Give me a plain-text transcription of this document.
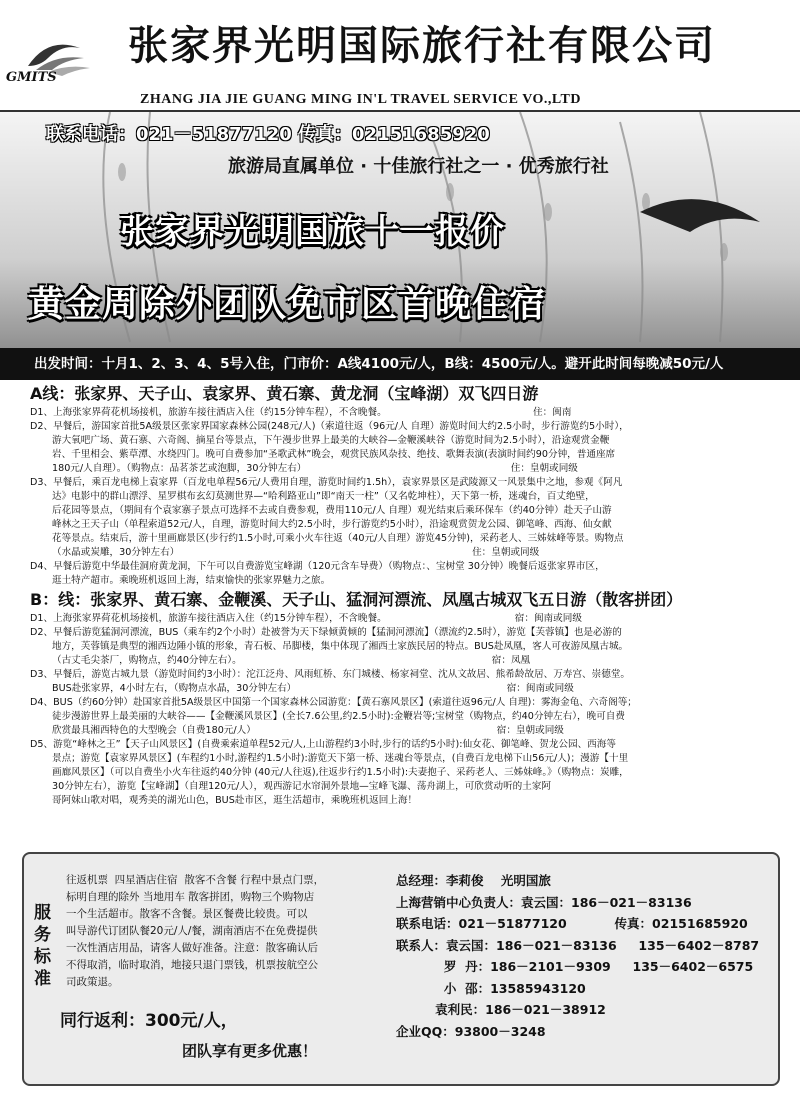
GMITS
张家界光明国际旅行社有限公司
ZHANG JIA JIE GUANG MING IN'L TRAVEL SERVICE VO.,LTD
联系电话：021－51877120 传真：02151685920
旅游局直属单位 · 十佳旅行社之一 · 优秀旅行社
张家界光明国旅十一报价
黄金周除外团队免市区首晚住宿
出发时间：十月1、2、3、4、5号入住，门市价：A线4100元/人，B线：4500元/人。避开此时间每晚减50元/人
A线：张家界、天子山、袁家界、黄石寨、黄龙洞（宝峰湖）双飞四日游
D1、上海张家界荷花机场接机，旅游车接往酒店入住（约15分钟车程），不含晚餐。                                                住：闽南
D2、早餐后，游国家首批5A级景区张家界国家森林公园(248元/人)（索道往返（96元/人 自理）游览时间大约2.5小时，步行游览约5小时），
游大氧吧广场、黄石寨、六奇阁、摘星台等景点，下午漫步世界上最美的大峡谷—金鞭溪峡谷（游览时间为2.5小时），沿途观赏金鞭
岩、千里相会、紫草潭、水绕四门。晚可自费参加“圣歌武林”晚会，观赏民族风杂技、绝技、歌舞表演(表演时间约90分钟，普通座席
180元/人自理）。（购物点：品茗茶艺或泡脚，30分钟左右）                                                                   住：皇朝或同级
D3、早餐后，乘百龙电梯上袁家界（百龙电单程56元/人费用自理，游览时间约1.5h），袁家界景区是武陵源又一风景集中之地，参观《阿凡
达》电影中的群山漂浮、星罗棋布玄幻莫测世界—“哈利路亚山”即“南天一柱”（又名乾坤柱），天下第一桥，迷魂台，百丈绝壁，
后花园等景点，（期间有个袁家寨子景点可选择不去或自费参观，费用110元/人 自理）观光结束后乘环保车（约40分钟）赴天子山游
峰林之王天子山（单程索道52元/人，自理，游览时间大约2.5小时，步行游览约5小时），沿途观赏贺龙公园、御笔峰、西海、仙女献
花等景点。结束后，游十里画廊景区(步行约1.5小时,可乘小火车往返（40元/人自理）游览45分钟)，采药老人、三姊妹峰等景。购物点
（水晶或炭雕，30分钟左右）                                                                                                住：皇朝或同级
D4、早餐后游览中华最佳洞府黄龙洞，下午可以自费游览宝峰湖（120元含车导费）（购物点：、宝树堂 30分钟）晚餐后返张家界市区，
逛土特产超市。乘晚班机返回上海，结束愉快的张家界魅力之旅。
B：线：张家界、黄石寨、金鞭溪、天子山、猛洞河漂流、凤凰古城双飞五日游（散客拼团）
D1、上海张家界荷花机场接机，旅游车接往酒店入住（约15分钟车程），不含晚餐。                                          宿：闽南或同级
D2、早餐后游览猛洞河漂流，BUS（乘车约2个小时）赴被誉为天下绿倾黄倾的【猛洞河漂流】（漂流约2.5时），游览【芙蓉镇】也是必游的
地方，芙蓉镇是典型的湘西边陲小镇的形象，青石板、吊脚楼，集中体现了湘西土家族民居的特点。BUS赴凤凰，客人可夜游凤凰古城。
（古丈毛尖茶厂，购物点，约40分钟左右）。                                                                                  宿：凤凰
D3、早餐后，游览古城九景（游览时间约3小时）：沱江泛舟、风雨虹桥、东门城楼、杨家祠堂、沈从文故居、熊希龄故居、万寿宫、崇德堂。
BUS赴张家界，4小时左右，（购物点水晶，30分钟左右）                                                                     宿：闽南或同级
D4、BUS（约60分钟）赴国家首批5A级景区中国第一个国家森林公园游览：【黄石寨风景区】(索道往返96元/人 自理)：雾海金龟、六奇阁等；
徒步漫游世界上最美丽的大峡谷——【金鞭溪风景区】(全长7.6公里,约2.5小时):金鞭岩等;宝树堂（购物点，约40分钟左右），晚可自费
欣赏最具湘西特色的大型晚会（自费180元/人）                                                                               宿：皇朝或同级
D5、游览“峰林之王”【天子山风景区】(自费乘索道单程52元/人,上山游程约3小时,步行的话约5小时):仙女花、御笔峰、贺龙公园、西海等
景点；游览【袁家界风景区】(车程约1小时,游程约1.5小时):游览天下第一桥、迷魂台等景点，(自费百龙电梯下山56元/人)；漫游【十里
画廊风景区】（可以自费坐小火车往返约40分钟 (40元/人往返),往返步行约1.5小时):夫妻抱子、采药老人、三姊妹峰。》（购物点：炭雕，
30分钟左右），游览【宝峰湖】（自理120元/人），观西游记水帘洞外景地—宝峰飞瀑、荡舟湖上，可欣赏动听的土家阿
哥阿妹山歌对唱，观秀美的湖光山色，BUS赴市区，逛生活超市，乘晚班机返回上海！
服务标准
往返机票  四星酒店住宿  散客不含餐 行程中景点门票，
标明自理的除外 当地用车 散客拼团，购物三个购物店
一个生活超市。散客不含餐。景区餐费比较贵。可以
叫导游代订团队餐20元/人/餐，湖南酒店不在免费提供
一次性酒店用品，请客人做好准备。注意：散客确认后
不得取消，临时取消，地接只退门票钱，机票按航空公
司政策退。
同行返利：300元/人，
团队享有更多优惠！
总经理：李莉俊    光明国旅
上海营销中心负责人：袁云国：186－021－83136
联系电话：021－51877120           传真：02151685920
联系人：袁云国：186－021－83136     135－6402－8787
罗  丹：186－2101－9309     135－6402－6575
小  邵：13585943120
袁利民：186－021－38912
企业QQ：93800－3248
